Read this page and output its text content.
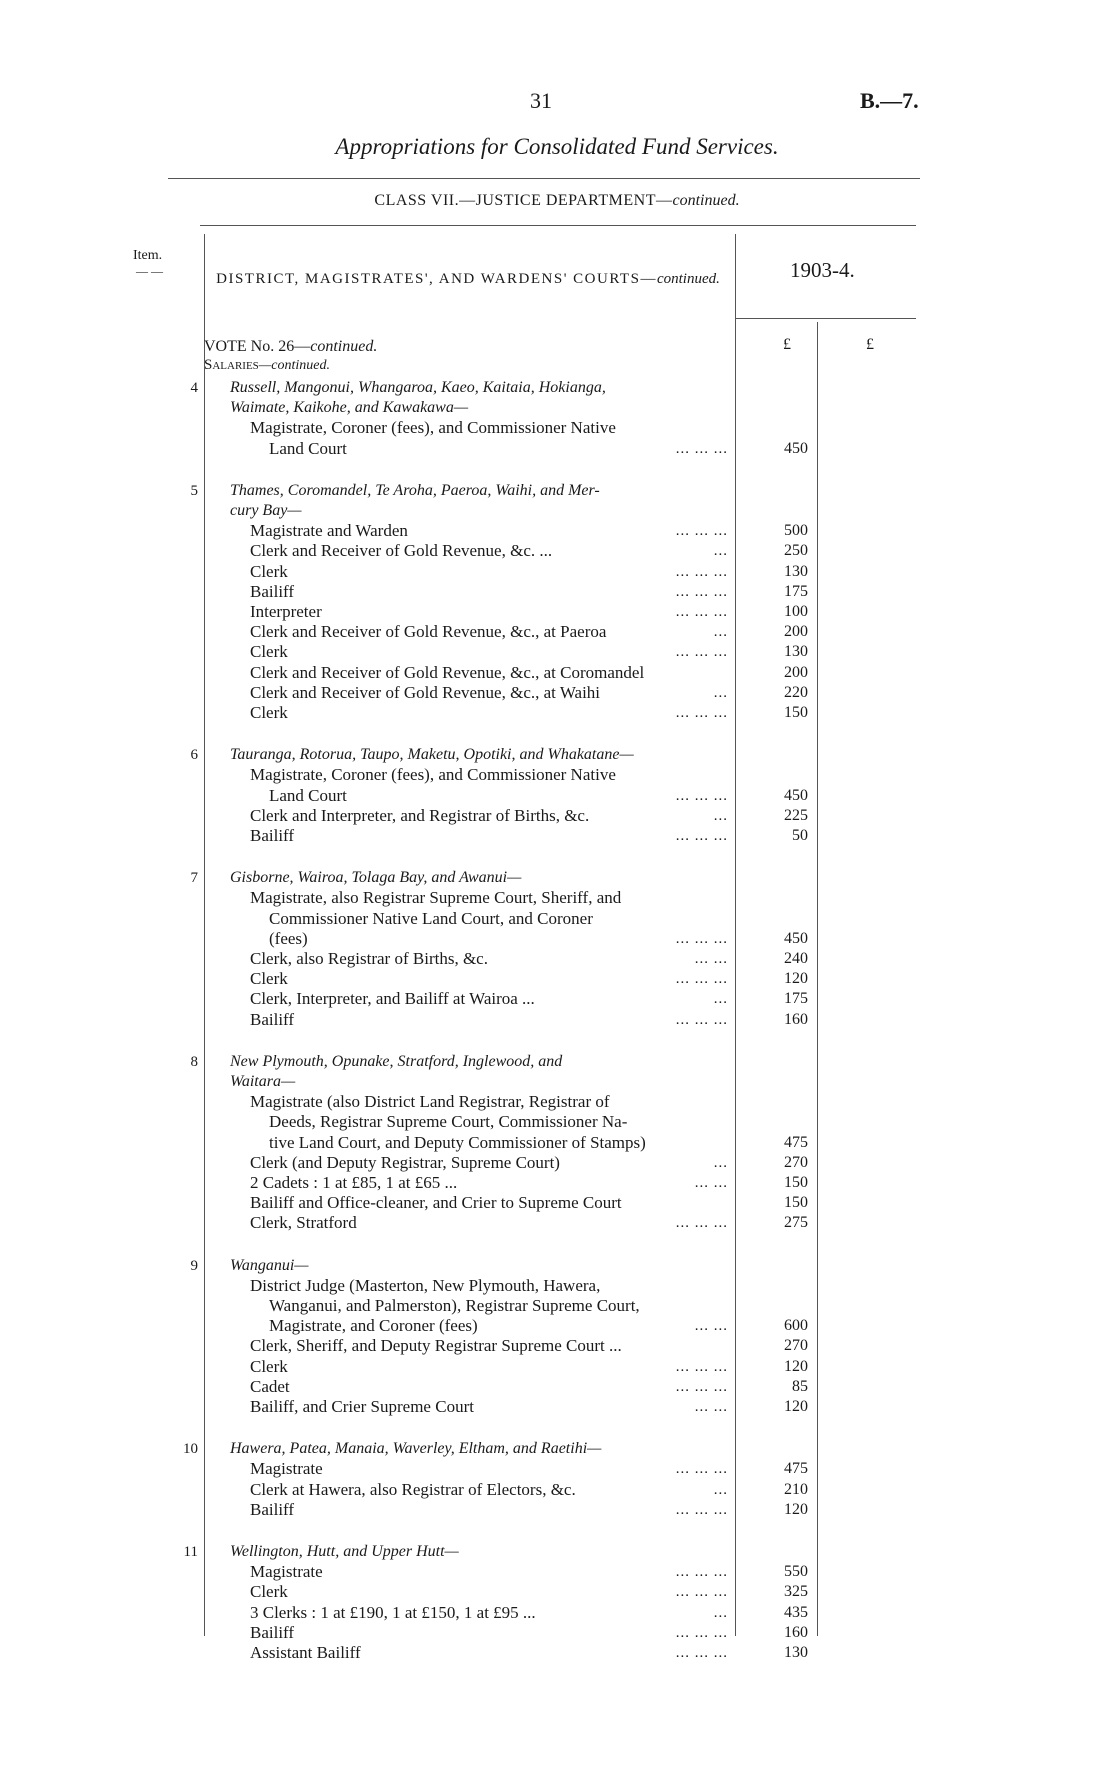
31	B.—7.
Appropriations for Consolidated Fund Services.
CLASS VII.—JUSTICE DEPARTMENT—continued.
Item.
— —	DISTRICT, MAGISTRATES', AND WARDENS' COURTS—continued.	1903-4.
£	£
VOTE No. 26—continued.
Salaries—continued.
4 Russell, Mangonui, Whangaroa, Kaeo, Kaitaia, Hokianga,
Waimate, Kaikohe, and Kawakawa—
Magistrate, Coroner (fees), and Commissioner Native
Land Court	... ... ...	450
5 Thames, Coromandel, Te Aroha, Paeroa, Waihi, and Mer-
cury Bay—
Magistrate and Warden	... ... ...	500
Clerk and Receiver of Gold Revenue, &c. ...	...	250
Clerk	... ... ...	130
Bailiff	... ... ...	175
Interpreter	... ... ...	100
Clerk and Receiver of Gold Revenue, &c., at Paeroa	...	200
Clerk	... ... ...	130
Clerk and Receiver of Gold Revenue, &c., at Coromandel	200
Clerk and Receiver of Gold Revenue, &c., at Waihi	...	220
Clerk	... ... ...	150
6 Tauranga, Rotorua, Taupo, Maketu, Opotiki, and Whakatane—
Magistrate, Coroner (fees), and Commissioner Native
Land Court	... ... ...	450
Clerk and Interpreter, and Registrar of Births, &c.	...	225
Bailiff	... ... ...	50
7 Gisborne, Wairoa, Tolaga Bay, and Awanui—
Magistrate, also Registrar Supreme Court, Sheriff, and
Commissioner Native Land Court, and Coroner
(fees)	... ... ...	450
Clerk, also Registrar of Births, &c.	... ...	240
Clerk	... ... ...	120
Clerk, Interpreter, and Bailiff at Wairoa ...	...	175
Bailiff	... ... ...	160
8 New Plymouth, Opunake, Stratford, Inglewood, and
Waitara—
Magistrate (also District Land Registrar, Registrar of
Deeds, Registrar Supreme Court, Commissioner Na-
tive Land Court, and Deputy Commissioner of Stamps)	475
Clerk (and Deputy Registrar, Supreme Court)	...	270
2 Cadets : 1 at £85, 1 at £65 ...	... ...	150
Bailiff and Office-cleaner, and Crier to Supreme Court	150
Clerk, Stratford	... ... ...	275
9 Wanganui—
District Judge (Masterton, New Plymouth, Hawera,
Wanganui, and Palmerston), Registrar Supreme Court,
Magistrate, and Coroner (fees)	... ...	600
Clerk, Sheriff, and Deputy Registrar Supreme Court ...	270
Clerk	... ... ...	120
Cadet	... ... ...	85
Bailiff, and Crier Supreme Court	... ...	120
10 Hawera, Patea, Manaia, Waverley, Eltham, and Raetihi—
Magistrate	... ... ...	475
Clerk at Hawera, also Registrar of Electors, &c.	...	210
Bailiff	... ... ...	120
11 Wellington, Hutt, and Upper Hutt—
Magistrate	... ... ...	550
Clerk	... ... ...	325
3 Clerks : 1 at £190, 1 at £150, 1 at £95 ...	...	435
Bailiff	... ... ...	160
Assistant Bailiff	... ... ...	130
